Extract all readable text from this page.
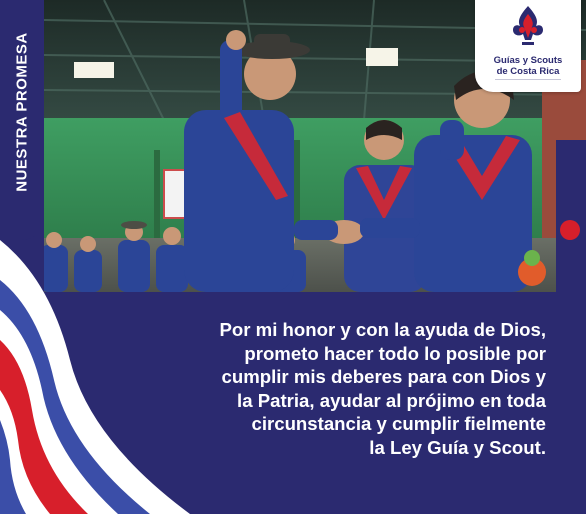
NUESTRA PROMESA	Guías y Scouts
de Costa Rica
Por mi honor y con la ayuda de Dios,
prometo hacer todo lo posible por
cumplir mis deberes para con Dios y
la Patria, ayudar al prójimo en toda
circunstancia y cumplir fielmente
la Ley Guía y Scout.
